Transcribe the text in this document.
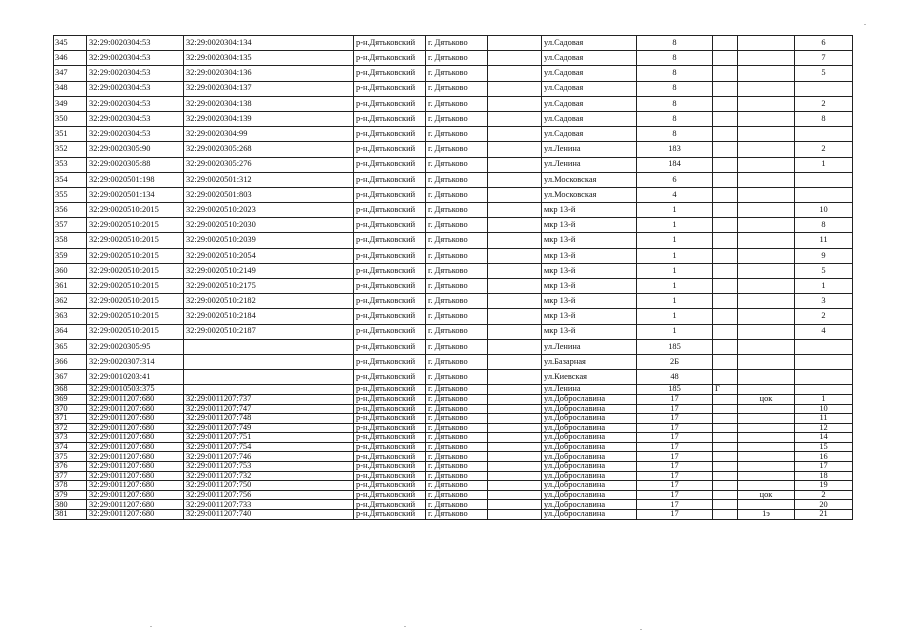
345	32:29:0020304:53	32:29:0020304:134	р-н.Дятьковский	г. Дятьково		ул.Садовая	8			6
346	32:29:0020304:53	32:29:0020304:135	р-н.Дятьковский	г. Дятьково		ул.Садовая	8			7
347	32:29:0020304:53	32:29:0020304:136	р-н.Дятьковский	г. Дятьково		ул.Садовая	8			5
348	32:29:0020304:53	32:29:0020304:137	р-н.Дятьковский	г. Дятьково		ул.Садовая	8			
349	32:29:0020304:53	32:29:0020304:138	р-н.Дятьковский	г. Дятьково		ул.Садовая	8			2
350	32:29:0020304:53	32:29:0020304:139	р-н.Дятьковский	г. Дятьково		ул.Садовая	8			8
351	32:29:0020304:53	32:29:0020304:99	р-н.Дятьковский	г. Дятьково		ул.Садовая	8			
352	32:29:0020305:90	32:29:0020305:268	р-н.Дятьковский	г. Дятьково		ул.Ленина	183			2
353	32:29:0020305:88	32:29:0020305:276	р-н.Дятьковский	г. Дятьково		ул.Ленина	184			1
354	32:29:0020501:198	32:29:0020501:312	р-н.Дятьковский	г. Дятьково		ул.Московская	6			
355	32:29:0020501:134	32:29:0020501:803	р-н.Дятьковский	г. Дятьково		ул.Московская	4			
356	32:29:0020510:2015	32:29:0020510:2023	р-н.Дятьковский	г. Дятьково		мкр 13-й	1			10
357	32:29:0020510:2015	32:29:0020510:2030	р-н.Дятьковский	г. Дятьково		мкр 13-й	1			8
358	32:29:0020510:2015	32:29:0020510:2039	р-н.Дятьковский	г. Дятьково		мкр 13-й	1			11
359	32:29:0020510:2015	32:29:0020510:2054	р-н.Дятьковский	г. Дятьково		мкр 13-й	1			9
360	32:29:0020510:2015	32:29:0020510:2149	р-н.Дятьковский	г. Дятьково		мкр 13-й	1			5
361	32:29:0020510:2015	32:29:0020510:2175	р-н.Дятьковский	г. Дятьково		мкр 13-й	1			1
362	32:29:0020510:2015	32:29:0020510:2182	р-н.Дятьковский	г. Дятьково		мкр 13-й	1			3
363	32:29:0020510:2015	32:29:0020510:2184	р-н.Дятьковский	г. Дятьково		мкр 13-й	1			2
364	32:29:0020510:2015	32:29:0020510:2187	р-н.Дятьковский	г. Дятьково		мкр 13-й	1			4
365	32:29:0020305:95		р-н.Дятьковский	г. Дятьково		ул.Ленина	185			
366	32:29:0020307:314		р-н.Дятьковский	г. Дятьково		ул.Базарная	2Б			
367	32:29:0010203:41		р-н.Дятьковский	г. Дятьково		ул.Киевская	48			
368	32:29:0010503:375		р-н.Дятьковский	г. Дятьково		ул.Ленина	185	Г		
369	32:29:0011207:680	32:29:0011207:737	р-н.Дятьковский	г. Дятьково		ул.Доброславина	17		цок	1
370	32:29:0011207:680	32:29:0011207:747	р-н.Дятьковский	г. Дятьково		ул.Доброславина	17			10
371	32:29:0011207:680	32:29:0011207:748	р-н.Дятьковский	г. Дятьково		ул.Доброславина	17			11
372	32:29:0011207:680	32:29:0011207:749	р-н.Дятьковский	г. Дятьково		ул.Доброславина	17			12
373	32:29:0011207:680	32:29:0011207:751	р-н.Дятьковский	г. Дятьково		ул.Доброславина	17			14
374	32:29:0011207:680	32:29:0011207:754	р-н.Дятьковский	г. Дятьково		ул.Доброславина	17			15
375	32:29:0011207:680	32:29:0011207:746	р-н.Дятьковский	г. Дятьково		ул.Доброславина	17			16
376	32:29:0011207:680	32:29:0011207:753	р-н.Дятьковский	г. Дятьково		ул.Доброславина	17			17
377	32:29:0011207:680	32:29:0011207:732	р-н.Дятьковский	г. Дятьково		ул.Доброславина	17			18
378	32:29:0011207:680	32:29:0011207:750	р-н.Дятьковский	г. Дятьково		ул.Доброславина	17			19
379	32:29:0011207:680	32:29:0011207:756	р-н.Дятьковский	г. Дятьково		ул.Доброславина	17		цок	2
380	32:29:0011207:680	32:29:0011207:733	р-н.Дятьковский	г. Дятьково		ул.Доброславина	17			20
381	32:29:0011207:680	32:29:0011207:740	р-н.Дятьковский	г. Дятьково		ул.Доброславина	17		1э	21
